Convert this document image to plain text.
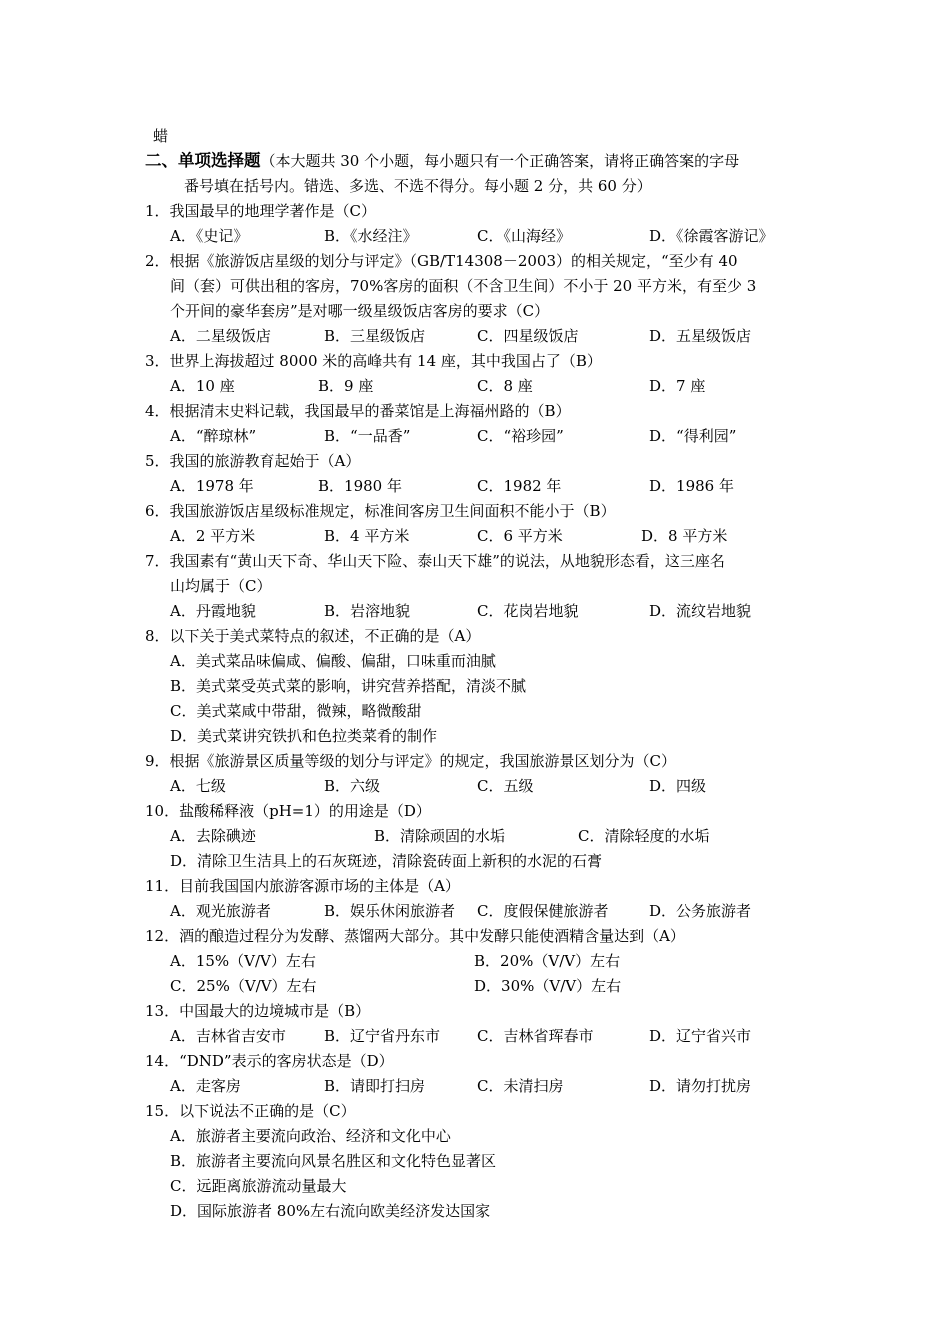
蜡
二、单项选择题（本大题共 30 个小题，每小题只有一个正确答案，请将正确答案的字母
番号填在括号内。错选、多选、不选不得分。每小题 2 分，共 60 分）
1．我国最早的地理学著作是（C）
A．《史记》	B．《水经注》	C．《山海经》	D．《徐霞客游记》
2．根据《旅游饭店星级的划分与评定》（GB/T14308－2003）的相关规定，“至少有 40
间（套）可供出租的客房，70%客房的面积（不含卫生间）不小于 20 平方米，有至少 3
个开间的豪华套房”是对哪一级星级饭店客房的要求（C）
A．二星级饭店	B．三星级饭店	C．四星级饭店	D．五星级饭店
3．世界上海拔超过 8000 米的高峰共有 14 座，其中我国占了（B）
A．10 座	B．9 座	C．8 座	D．7 座
4．根据清末史料记载，我国最早的番菜馆是上海福州路的（B）
A．“醉琼林”	B．“一品香”	C．“裕珍园”	D．“得利园”
5．我国的旅游教育起始于（A）
A．1978 年	B．1980 年	C．1982 年	D．1986 年
6．我国旅游饭店星级标准规定，标准间客房卫生间面积不能小于（B）
A．2 平方米	B．4 平方米	C．6 平方米	D．8 平方米
7．我国素有“黄山天下奇、华山天下险、泰山天下雄”的说法，从地貌形态看，这三座名
山均属于（C）
A．丹霞地貌	B．岩溶地貌	C．花岗岩地貌	D．流纹岩地貌
8．以下关于美式菜特点的叙述，不正确的是（A）
A．美式菜品味偏咸、偏酸、偏甜，口味重而油腻
B．美式菜受英式菜的影响，讲究营养搭配，清淡不腻
C．美式菜咸中带甜，微辣，略微酸甜
D．美式菜讲究铁扒和色拉类菜肴的制作
9．根据《旅游景区质量等级的划分与评定》的规定，我国旅游景区划分为（C）
A．七级	B．六级	C．五级	D．四级
10．盐酸稀释液（pH=1）的用途是（D）
A．去除碘迹	B．清除顽固的水垢	C．清除轻度的水垢
D．清除卫生洁具上的石灰斑迹，清除瓷砖面上新积的水泥的石膏
11．目前我国国内旅游客源市场的主体是（A）
A．观光旅游者	B．娱乐休闲旅游者 C．度假保健旅游者	D．公务旅游者
12．酒的酿造过程分为发酵、蒸馏两大部分。其中发酵只能使酒精含量达到（A）
A．15%（V/V）左右	B．20%（V/V）左右
C．25%（V/V）左右	D．30%（V/V）左右
13．中国最大的边境城市是（B）
A．吉林省吉安市	B．辽宁省丹东市 C．吉林省珲春市	D．辽宁省兴市
14．“DND”表示的客房状态是（D）
A．走客房	B．请即打扫房	C．未清扫房	D．请勿打扰房
15．以下说法不正确的是（C）
A．旅游者主要流向政治、经济和文化中心
B．旅游者主要流向风景名胜区和文化特色显著区
C．远距离旅游流动量最大
D．国际旅游者 80%左右流向欧美经济发达国家
